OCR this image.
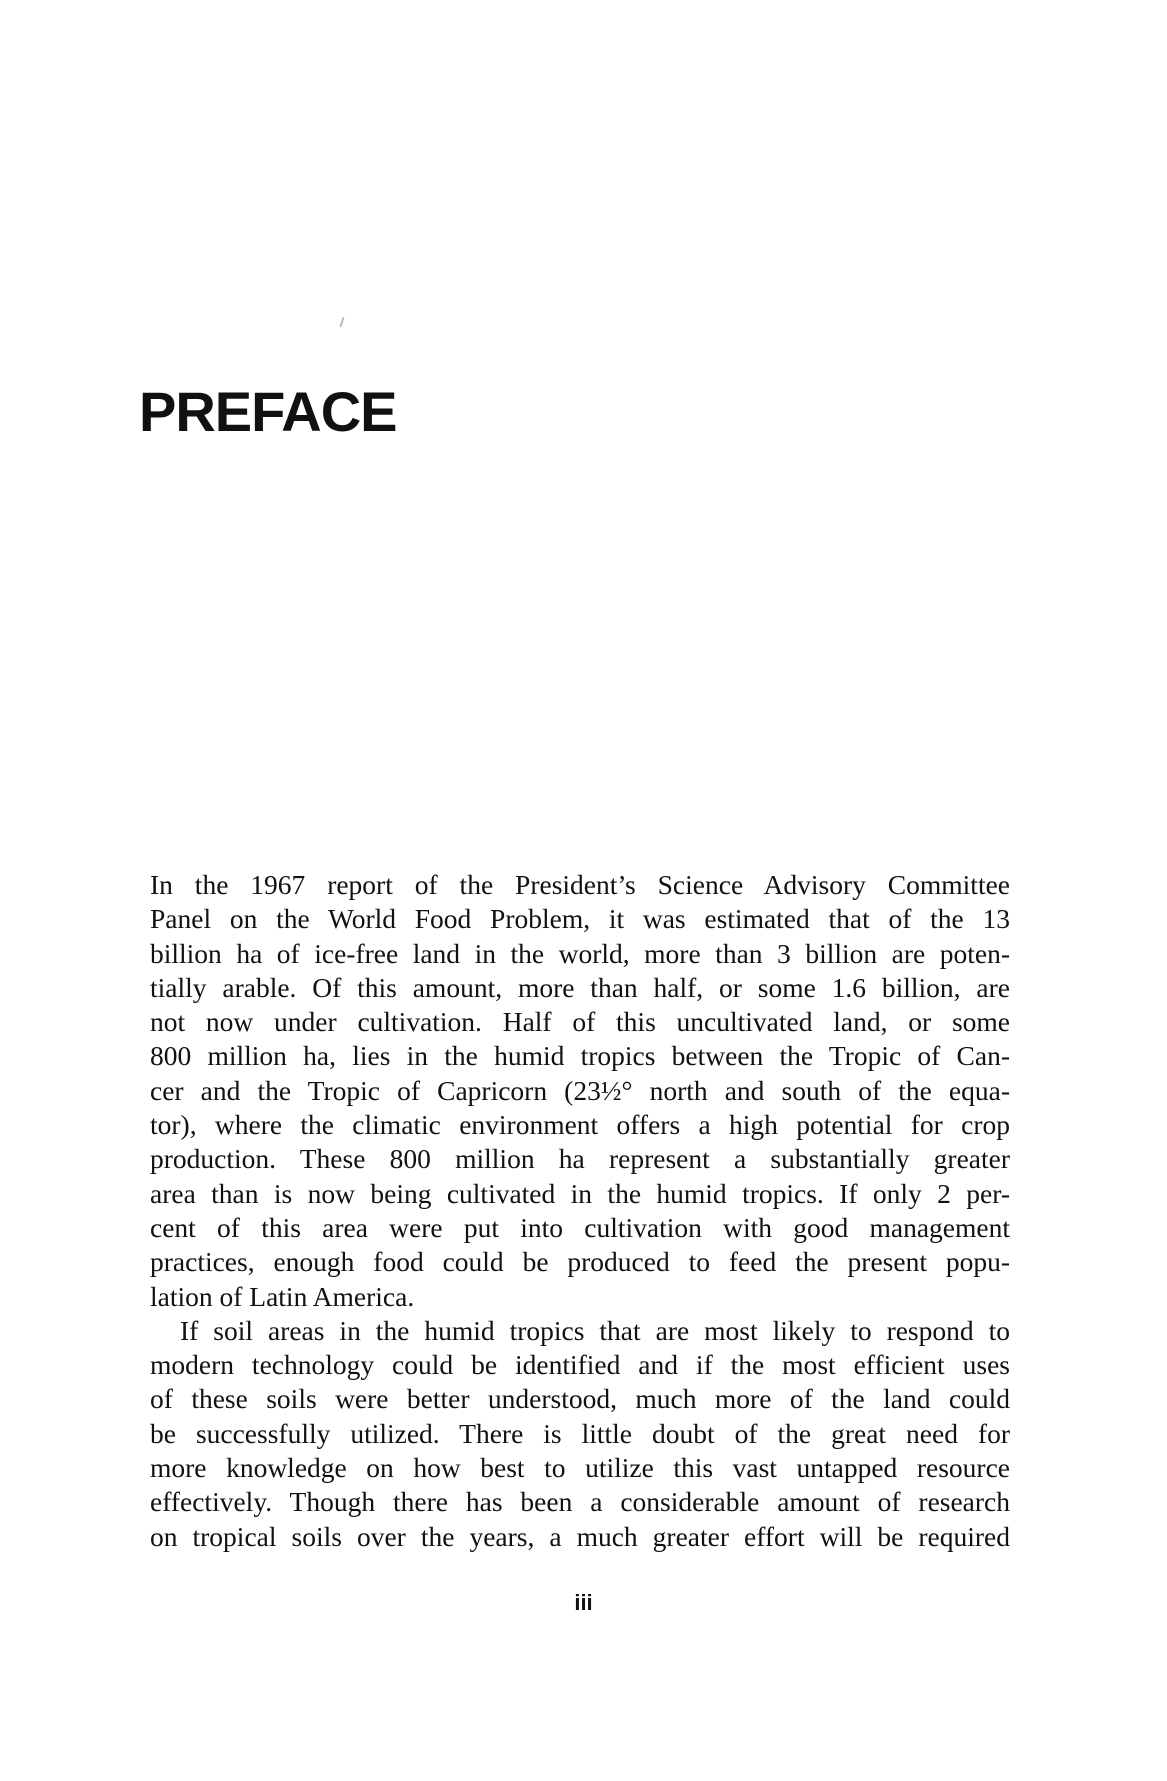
PREFACE
In the 1967 report of the President’s Science Advisory Committee
Panel on the World Food Problem, it was estimated that of the 13
billion ha of ice-free land in the world, more than 3 billion are poten-
tially arable. Of this amount, more than half, or some 1.6 billion, are
not now under cultivation. Half of this uncultivated land, or some
800 million ha, lies in the humid tropics between the Tropic of Can-
cer and the Tropic of Capricorn (23½° north and south of the equa-
tor), where the climatic environment offers a high potential for crop
production. These 800 million ha represent a substantially greater
area than is now being cultivated in the humid tropics. If only 2 per-
cent of this area were put into cultivation with good management
practices, enough food could be produced to feed the present popu-
lation of Latin America.
If soil areas in the humid tropics that are most likely to respond to
modern technology could be identified and if the most efficient uses
of these soils were better understood, much more of the land could
be successfully utilized. There is little doubt of the great need for
more knowledge on how best to utilize this vast untapped resource
effectively. Though there has been a considerable amount of research
on tropical soils over the years, a much greater effort will be required
iii
